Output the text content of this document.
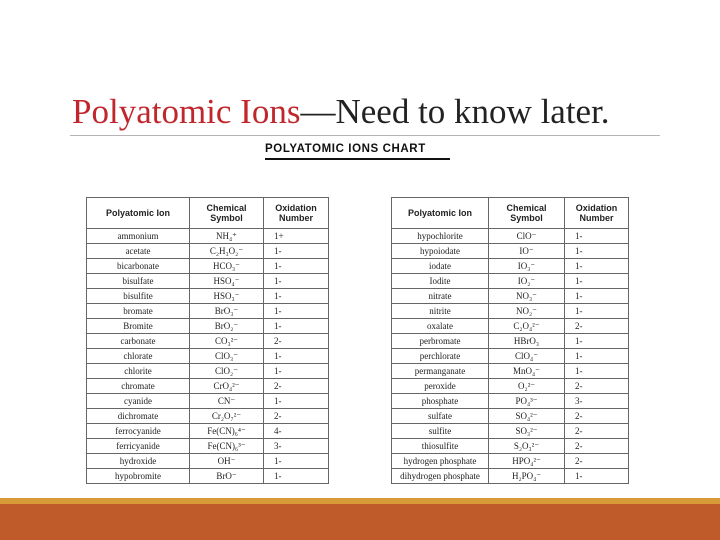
Polyatomic Ions—Need to know later.
POLYATOMIC IONS CHART
Polyatomic Ion	Chemical Symbol	Oxidation Number
ammonium	NH₄⁺	1+
acetate	C₂H₃O₂⁻	1-
bicarbonate	HCO₃⁻	1-
bisulfate	HSO₄⁻	1-
bisulfite	HSO₃⁻	1-
bromate	BrO₃⁻	1-
Bromite	BrO₂⁻	1-
carbonate	CO₃²⁻	2-
chlorate	ClO₃⁻	1-
chlorite	ClO₂⁻	1-
chromate	CrO₄²⁻	2-
cyanide	CN⁻	1-
dichromate	Cr₂O₇²⁻	2-
ferrocyanide	Fe(CN)₆⁴⁻	4-
ferricyanide	Fe(CN)₆³⁻	3-
hydroxide	OH⁻	1-
hypobromite	BrO⁻	1-
Polyatomic Ion	Chemical Symbol	Oxidation Number
hypochlorite	ClO⁻	1-
hypoiodate	IO⁻	1-
iodate	IO₃⁻	1-
Iodite	IO₂⁻	1-
nitrate	NO₃⁻	1-
nitrite	NO₂⁻	1-
oxalate	C₂O₄²⁻	2-
perbromate	HBrO₃	1-
perchlorate	ClO₄⁻	1-
permanganate	MnO₄⁻	1-
peroxide	O₂²⁻	2-
phosphate	PO₄³⁻	3-
sulfate	SO₄²⁻	2-
sulfite	SO₃²⁻	2-
thiosulfite	S₂O₃²⁻	2-
hydrogen phosphate	HPO₄²⁻	2-
dihydrogen phosphate	H₂PO₄⁻	1-
